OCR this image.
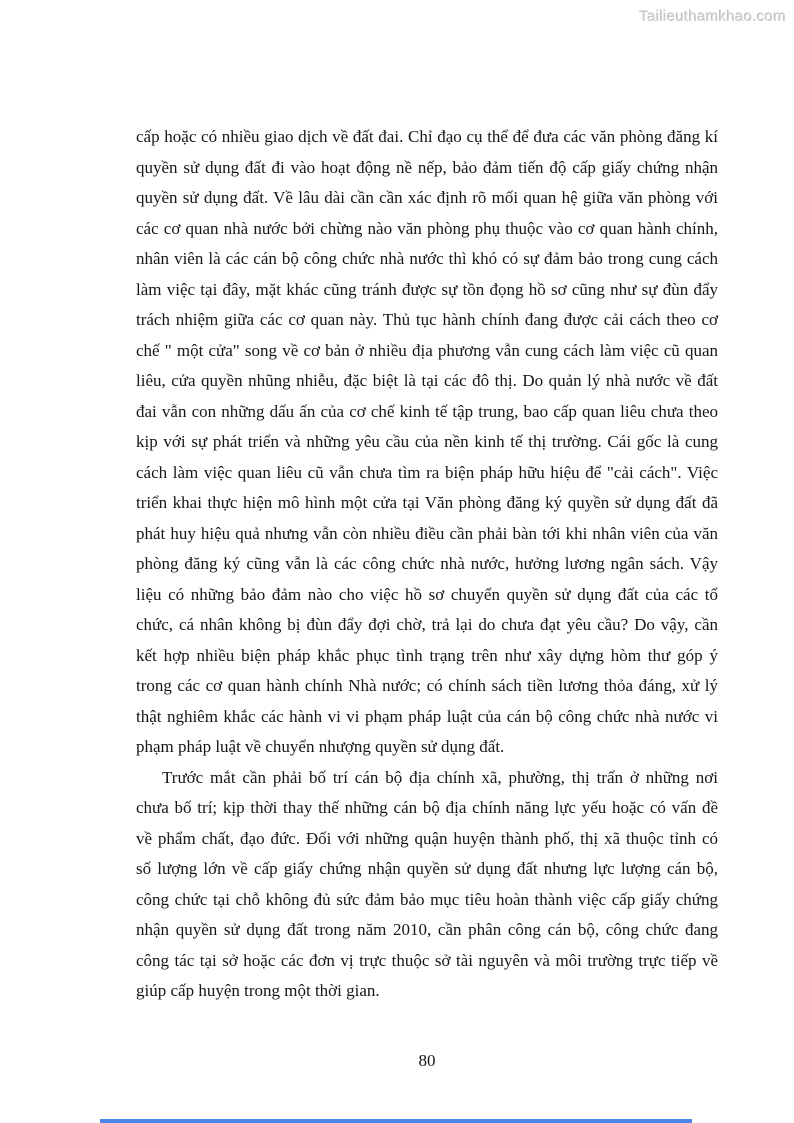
Tailieuthamkhao.com
cấp hoặc có nhiều giao dịch về đất đai. Chỉ đạo cụ thể để đưa các văn phòng đăng kí
quyền sử dụng đất đi vào hoạt động nề nếp, bảo đảm tiến độ cấp giấy chứng nhận
quyền sử dụng đất. Về lâu dài cần cần xác định rõ mối quan hệ giữa văn phòng với
các cơ quan nhà nước bởi chừng nào văn phòng phụ thuộc vào cơ quan hành chính,
nhân viên là các cán bộ công chức nhà nước thì khó có sự đảm bảo trong cung cách
làm việc tại đây, mặt khác cũng tránh được sự tồn đọng hồ sơ cũng như sự đùn đẩy
trách nhiệm giữa các cơ quan này. Thủ tục hành chính đang được cải cách theo cơ
chế " một cửa" song về cơ bản ở nhiều địa phương vẫn cung cách làm việc cũ quan
liêu, cửa quyền nhũng nhiễu, đặc biệt là tại các đô thị. Do quản lý nhà nước về đất
đai vẫn con những dấu ấn của cơ chế kinh tế tập trung, bao cấp quan liêu chưa theo
kịp với sự phát triển và những yêu cầu của nền kinh tế thị trường. Cái gốc là cung
cách làm việc quan liêu cũ vẫn chưa tìm ra biện pháp hữu hiệu để "cải cách". Việc
triển khai thực hiện mô hình một cửa tại Văn phòng đăng ký quyền sử dụng đất đã
phát huy hiệu quả nhưng vẫn còn nhiều điều cần phải bàn tới khi nhân viên của văn
phòng đăng ký cũng vẫn là các công chức nhà nước, hưởng lương ngân sách. Vậy
liệu có những bảo đảm nào cho việc hồ sơ chuyển quyền sử dụng đất của các tổ
chức, cá nhân không bị đùn đẩy đợi chờ, trả lại do chưa đạt yêu cầu? Do vậy, cần
kết hợp nhiều biện pháp khắc phục tình trạng trên như xây dựng hòm thư góp ý
trong các cơ quan hành chính Nhà nước; có chính sách tiền lương thỏa đáng, xử lý
thật nghiêm khắc các hành vi vi phạm pháp luật của cán bộ công chức nhà nước vi
phạm pháp luật về chuyển nhượng quyền sử dụng đất.
Trước mắt cần phải bố trí cán bộ địa chính xã, phường, thị trấn ở những nơi
chưa bố trí; kịp thời thay thế những cán bộ địa chính năng lực yếu hoặc có vấn đề
về phẩm chất, đạo đức. Đối với những quận huyện thành phố, thị xã thuộc tỉnh có
số lượng lớn về cấp giấy chứng nhận quyền sử dụng đất nhưng lực lượng cán bộ,
công chức tại chỗ không đủ sức đảm bảo mục tiêu hoàn thành việc cấp giấy chứng
nhận quyền sử dụng đất trong năm 2010, cần phân công cán bộ, công chức đang
công tác tại sở hoặc các đơn vị trực thuộc sở tài nguyên và môi trường trực tiếp về
giúp cấp huyện trong một thời gian.
80
